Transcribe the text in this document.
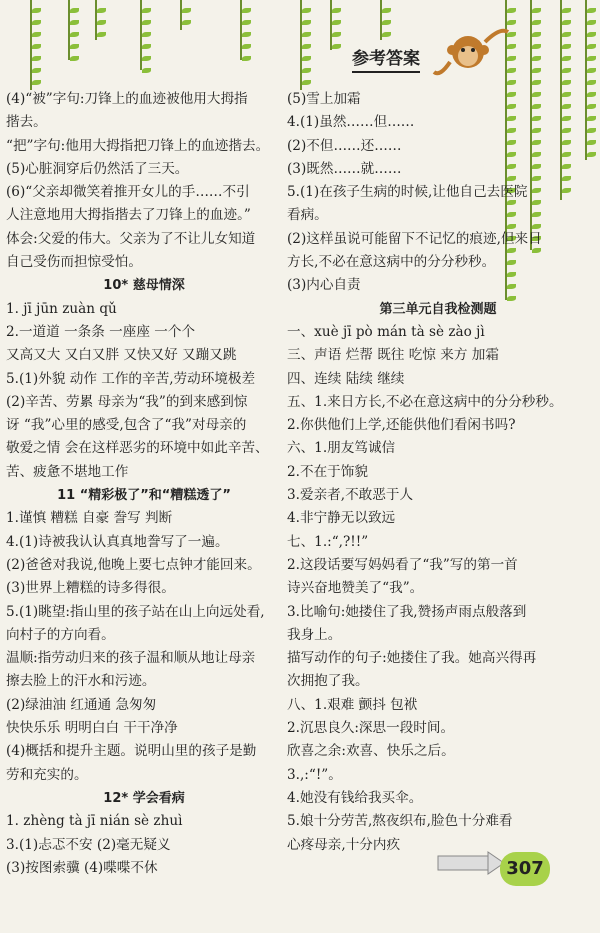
参考答案
(4)“被”字句:刀锋上的血迹被他用大拇指
揩去。
“把”字句:他用大拇指把刀锋上的血迹揩去。
(5)心脏洞穿后仍然活了三天。
(6)“父亲却微笑着推开女儿的手……不引
人注意地用大拇指揩去了刀锋上的血迹。”
体会:父爱的伟大。父亲为了不让儿女知道
自己受伤而担惊受怕。
10* 慈母情深
1. jī jūn zuàn qǔ
2.一道道 一条条 一座座 一个个
又高又大 又白又胖 又快又好 又蹦又跳
5.(1)外貌 动作 工作的辛苦,劳动环境极差
(2)辛苦、劳累 母亲为“我”的到来感到惊
讶 “我”心里的感受,包含了“我”对母亲的
敬爱之情 会在这样恶劣的环境中如此辛苦、
苦、疲惫不堪地工作
11 “精彩极了”和“糟糕透了”
1.谨慎 糟糕 自豪 誊写 判断
4.(1)诗被我认认真真地誊写了一遍。
(2)爸爸对我说,他晚上要七点钟才能回来。
(3)世界上糟糕的诗多得很。
5.(1)眺望:指山里的孩子站在山上向远处看,
向村子的方向看。
温顺:指劳动归来的孩子温和顺从地让母亲
擦去脸上的汗水和污迹。
(2)绿油油 红通通 急匆匆
快快乐乐 明明白白 干干净净
(4)概括和提升主题。说明山里的孩子是勤
劳和充实的。
12* 学会看病
1. zhèng tà jī nián sè zhuì
3.(1)忐忑不安 (2)毫无疑义
(3)按图索骥 (4)喋喋不休
(5)雪上加霜
4.(1)虽然……但……
(2)不但……还……
(3)既然……就……
5.(1)在孩子生病的时候,让他自己去医院
看病。
(2)这样虽说可能留下不记忆的痕迹,但来日
方长,不必在意这病中的分分秒秒。
(3)内心自责
第三单元自我检测题
一、xuè jī pò mán tà sè zào jì
三、声语 烂帮 既往 吃惊 来方 加霜
四、连续 陆续 继续
五、1.来日方长,不必在意这病中的分分秒秒。
2.你供他们上学,还能供他们看闲书吗?
六、1.朋友笃诚信
2.不在于饰貌
3.爱亲者,不敢恶于人
4.非宁静无以致远
七、1.:“,?!!”
2.这段话要写妈妈看了“我”写的第一首
诗兴奋地赞美了“我”。
3.比喻句:她搂住了我,赞扬声雨点般落到
我身上。
描写动作的句子:她搂住了我。她高兴得再
次拥抱了我。
八、1.艰难 颤抖 包袱
2.沉思良久:深思一段时间。
欣喜之余:欢喜、快乐之后。
3.,:“!”。
4.她没有钱给我买伞。
5.娘十分劳苦,熬夜织布,脸色十分难看
心疼母亲,十分内疚
307
